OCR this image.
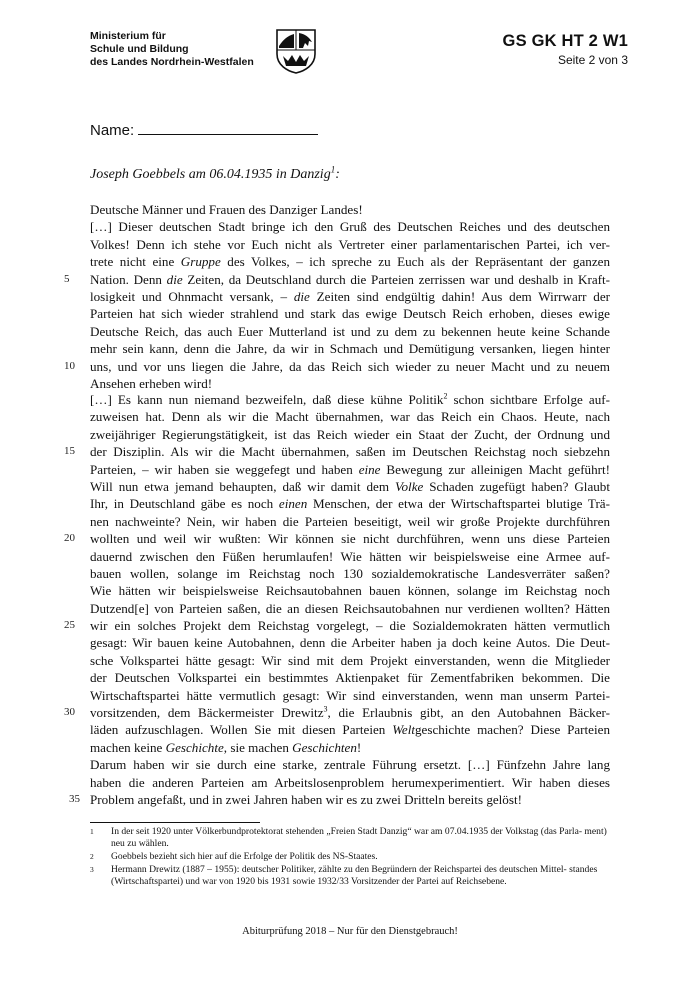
Ministerium für
Schule und Bildung
des Landes Nordrhein-Westfalen
GS GK HT 2 W1
Seite 2 von 3
Name:
Joseph Goebbels am 06.04.1935 in Danzig$^1$:
Deutsche Männer und Frauen des Danziger Landes!
[…] Dieser deutschen Stadt bringe ich den Gruß des Deutschen Reiches und des deutschen
Volkes! Denn ich stehe vor Euch nicht als Vertreter einer parlamentarischen Partei, ich ver-
trete nicht eine Gruppe des Volkes, – ich spreche zu Euch als der Repräsentant der ganzen
5	Nation. Denn die Zeiten, da Deutschland durch die Parteien zerrissen war und deshalb in Kraft-
losigkeit und Ohnmacht versank, – die Zeiten sind endgültig dahin! Aus dem Wirrwarr der
Parteien hat sich wieder strahlend und stark das ewige Deutsch Reich erhoben, dieses ewige
Deutsche Reich, das auch Euer Mutterland ist und zu dem zu bekennen heute keine Schande
mehr sein kann, denn die Jahre, da wir in Schmach und Demütigung versanken, liegen hinter
10	uns, und vor uns liegen die Jahre, da das Reich sich wieder zu neuer Macht und zu neuem
Ansehen erheben wird!
[…] Es kann nun niemand bezweifeln, daß diese kühne Politik$^2$ schon sichtbare Erfolge auf-
zuweisen hat. Denn als wir die Macht übernahmen, war das Reich ein Chaos. Heute, nach
zweijähriger Regierungstätigkeit, ist das Reich wieder ein Staat der Zucht, der Ordnung und
15	der Disziplin. Als wir die Macht übernahmen, saßen im Deutschen Reichstag noch siebzehn
Parteien, – wir haben sie weggefegt und haben eine Bewegung zur alleinigen Macht geführt!
Will nun etwa jemand behaupten, daß wir damit dem Volke Schaden zugefügt haben? Glaubt
Ihr, in Deutschland gäbe es noch einen Menschen, der etwa der Wirtschaftspartei blutige Trä-
nen nachweinte? Nein, wir haben die Parteien beseitigt, weil wir große Projekte durchführen
20	wollten und weil wir wußten: Wir können sie nicht durchführen, wenn uns diese Parteien
dauernd zwischen den Füßen herumlaufen! Wie hätten wir beispielsweise eine Armee auf-
bauen wollen, solange im Reichstag noch 130 sozialdemokratische Landesverräter saßen?
Wie hätten wir beispielsweise Reichsautobahnen bauen können, solange im Reichstag noch
Dutzend[e] von Parteien saßen, die an diesen Reichsautobahnen nur verdienen wollten? Hätten
25	wir ein solches Projekt dem Reichstag vorgelegt, – die Sozialdemokraten hätten vermutlich
gesagt: Wir bauen keine Autobahnen, denn die Arbeiter haben ja doch keine Autos. Die Deut-
sche Volkspartei hätte gesagt: Wir sind mit dem Projekt einverstanden, wenn die Mitglieder
der Deutschen Volkspartei ein bestimmtes Aktienpaket für Zementfabriken bekommen. Die
Wirtschaftspartei hätte vermutlich gesagt: Wir sind einverstanden, wenn man unserm Partei-
30	vorsitzenden, dem Bäckermeister Drewitz$^3$, die Erlaubnis gibt, an den Autobahnen Bäcker-
läden aufzuschlagen. Wollen Sie mit diesen Parteien Weltgeschichte machen? Diese Parteien
machen keine Geschichte, sie machen Geschichten!
Darum haben wir sie durch eine starke, zentrale Führung ersetzt. […] Fünfzehn Jahre lang
haben die anderen Parteien am Arbeitslosenproblem herumexperimentiert. Wir haben dieses
35 Problem angefaßt, und in zwei Jahren haben wir es zu zwei Dritteln bereits gelöst!
1	In der seit 1920 unter Völkerbundprotektorat stehenden „Freien Stadt Danzig“ war am 07.04.1935 der Volkstag (das Parla- ment) neu zu wählen.
2	Goebbels bezieht sich hier auf die Erfolge der Politik des NS-Staates.
3	Hermann Drewitz (1887 – 1955): deutscher Politiker, zählte zu den Begründern der Reichspartei des deutschen Mittel- standes (Wirtschaftspartei) und war von 1920 bis 1931 sowie 1932/33 Vorsitzender der Partei auf Reichsebene.
Abiturprüfung 2018 – Nur für den Dienstgebrauch!
